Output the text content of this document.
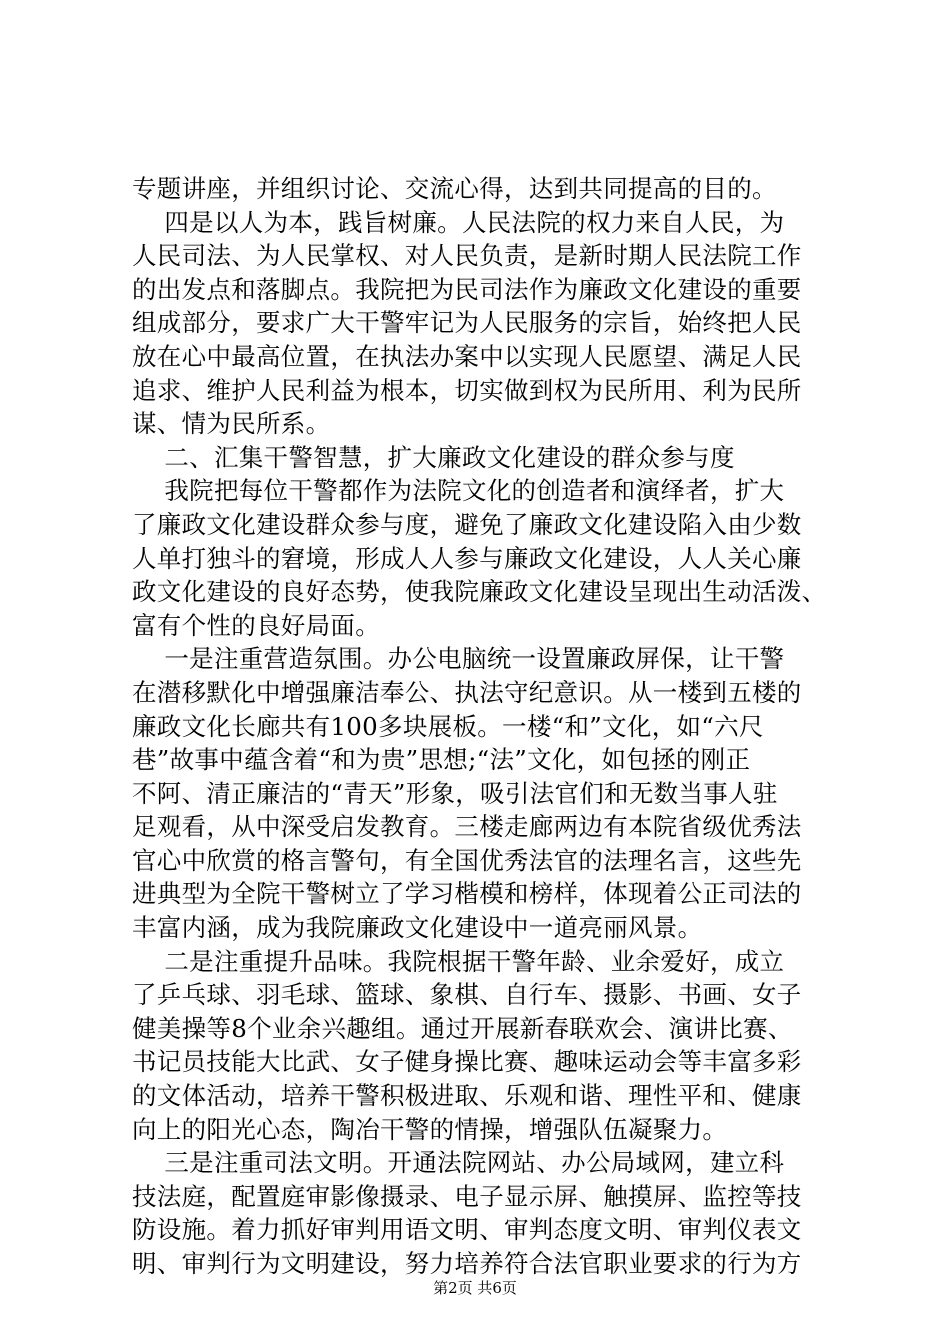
专题讲座，并组织讨论、交流心得，达到共同提高的目的。
四是以人为本，践旨树廉。人民法院的权力来自人民，为
人民司法、为人民掌权、对人民负责，是新时期人民法院工作
的出发点和落脚点。我院把为民司法作为廉政文化建设的重要
组成部分，要求广大干警牢记为人民服务的宗旨，始终把人民
放在心中最高位置，在执法办案中以实现人民愿望、满足人民
追求、维护人民利益为根本，切实做到权为民所用、利为民所
谋、情为民所系。
二、汇集干警智慧，扩大廉政文化建设的群众参与度
我院把每位干警都作为法院文化的创造者和演绎者，扩大
了廉政文化建设群众参与度，避免了廉政文化建设陷入由少数
人单打独斗的窘境，形成人人参与廉政文化建设，人人关心廉
政文化建设的良好态势，使我院廉政文化建设呈现出生动活泼、
富有个性的良好局面。
一是注重营造氛围。办公电脑统一设置廉政屏保，让干警
在潜移默化中增强廉洁奉公、执法守纪意识。从一楼到五楼的
廉政文化长廊共有100多块展板。一楼“和”文化，如“六尺
巷”故事中蕴含着“和为贵”思想;“法”文化，如包拯的刚正
不阿、清正廉洁的“青天”形象，吸引法官们和无数当事人驻
足观看，从中深受启发教育。三楼走廊两边有本院省级优秀法
官心中欣赏的格言警句，有全国优秀法官的法理名言，这些先
进典型为全院干警树立了学习楷模和榜样，体现着公正司法的
丰富内涵，成为我院廉政文化建设中一道亮丽风景。
二是注重提升品味。我院根据干警年龄、业余爱好，成立
了乒乓球、羽毛球、篮球、象棋、自行车、摄影、书画、女子
健美操等8个业余兴趣组。通过开展新春联欢会、演讲比赛、
书记员技能大比武、女子健身操比赛、趣味运动会等丰富多彩
的文体活动，培养干警积极进取、乐观和谐、理性平和、健康
向上的阳光心态，陶冶干警的情操，增强队伍凝聚力。
三是注重司法文明。开通法院网站、办公局域网，建立科
技法庭，配置庭审影像摄录、电子显示屏、触摸屏、监控等技
防设施。着力抓好审判用语文明、审判态度文明、审判仪表文
明、审判行为文明建设，努力培养符合法官职业要求的行为方
第2页 共6页
